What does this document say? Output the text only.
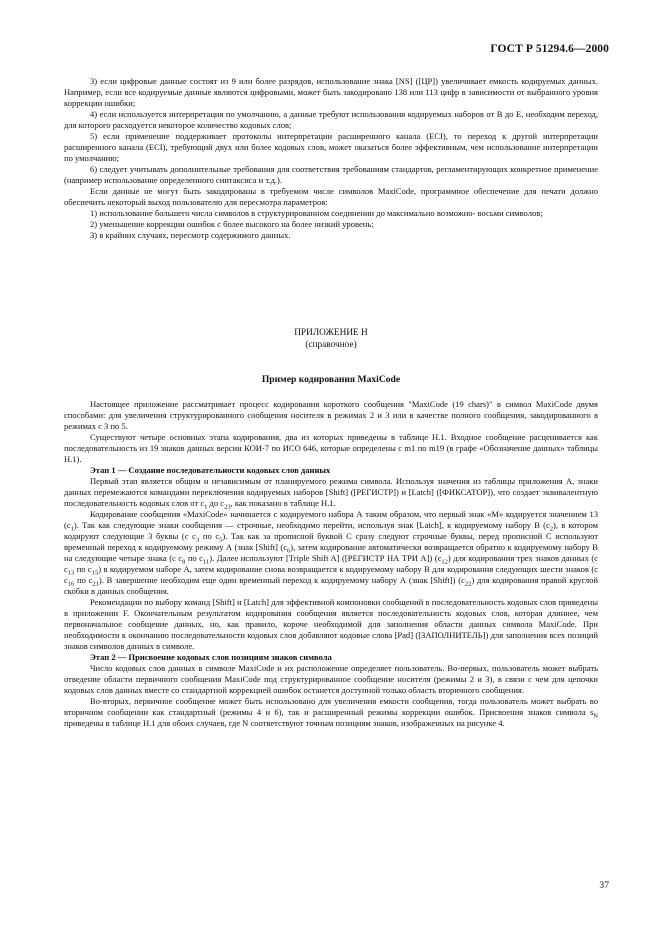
ГОСТ Р 51294.6—2000

3) если цифровые данные состоят из 9 или более разрядов, использование знака [NS] ([ЦР]) увеличивает емкость кодируемых данных. Например, если все кодируемые данные являются цифровыми, может быть закодировано 138 или 113 цифр в зависимости от выбранного уровня коррекции ошибки;

4) если используется интерпретация по умолчанию, а данные требуют использования кодируемых наборов от В до Е, необходим переход, для которого расходуется некоторое количество кодовых слов;

5) если применение поддерживает протоколы интерпретации расширенного канала (ECI), то переход к другой интерпретации расширенного канала (ECI), требующий двух или более кодовых слов, может оказаться более эффективным, чем использование интерпретации по умолчанию;

6) следует учитывать дополнительные требования для соответствия требованиям стандартов, регламентирующих конкретное применение (например использование определенного синтаксиса и т.д.).

Если данные не могут быть закодированы в требуемом числе символов MaxiCode, программное обеспечение для печати должно обеспечить некоторый выход пользователю для пересмотра параметров:

1) использование большего числа символов в структурированном соединении до максимально возможно- восьми символов;

2) уменьшение коррекции ошибок с более высокого на более низкий уровень;

3) в крайних случаях, пересмотр содержимого данных.

ПРИЛОЖЕНИЕ Н
(справочное)
Пример кодирования MaxiCode

Настоящее приложение рассматривает процесс кодирования короткого сообщения "MaxiCode (19 chars)" в символ MaxiCode двумя способами: для увеличения структурированного сообщения носителя в режимах 2 и 3 или в качестве полного сообщения, закодированного в режимах с 3 по 5.

Существуют четыре основных этапа кодирования, два из которых приведены в таблице Н.1. Входное сообщение расценивается как последовательность из 19 знаков данных версии КОИ-7 по ИСО 646, которые определены с m1 по m19 (в графе «Обозначение данных» таблицы Н.1).

Этап 1 — Создание последовательности кодовых слов данных

Первый этап является общим и независимым от планируемого режима символа. Используя значения из таблицы приложения А, знаки данных перемежаются командами переключения кодируемых наборов [Shift] ([РЕГИСТР]) и [Latch] ([ФИКСАТОР]), что создает эквивалентную последовательность кодовых слов от $c_1$ до $c_{23}$, как показано в таблице Н.1.

Кодирование сообщения «MaxiCode» начинается с кодируемого набора А таким образом, что первый знак «М» кодируется значением 13 $(c_1)$. Так как следующие знаки сообщения — строчные, необходимо перейти, используя знак [Latch], к кодируемому набору В $(c_2)$, в котором кодируют следующие 3 буквы (с $c_3$ по $c_5$). Так как за прописной буквой С сразу следуют строчные буквы, перед прописной С используют временный переход к кодируемому режиму А (знак [Shift] $(c_6)$, затем кодирование автоматически возвращается обратно к кодируемому набору В на следующие четыре знака (с $c_8$ по $c_{11}$). Далее используют [Triple Shift A] ([РЕГИСТР НА ТРИ А]) $(c_{12})$ для кодирования трех знаков данных (с $c_{13}$ по $c_{15}$) в кодируемом наборе А, затем кодирование снова возвращается к кодируемому набору В для кодирования следующих шести знаков (с $c_{16}$ по $c_{21}$). В завершение необходим еще один временный переход к кодируемому набору А (знак [Shift]) $(c_{22})$ для кодирования правой круглой скобки в данных сообщения.

Рекомендации по выбору команд [Shift] и [Latch] для эффективной компоновки сообщений в последовательность кодовых слов приведены в приложении F. Окончательным результатом кодирования сообщения является последовательность кодовых слов, которая длиннее, чем первоначальное сообщение данных, но, как правило, короче необходимой для заполнения области данных символа MaxiCode. При необходимости к окончанию последовательности кодовых слов добавляют кодовые слова [Pad] ([ЗАПОЛНИТЕЛЬ]) для заполнения всех позиций знаков символов данных в символе.

Этап 2 — Присвоение кодовых слов позициям знаков символа

Число кодовых слов данных в символе MaxiCode и их расположение определяет пользователь. Во-первых, пользователь может выбрать отведение области первичного сообщения MaxiCode под структурированное сообщение носителя (режимы 2 и 3), в связи с чем для цепочки кодовых слов данных вместе со стандартной коррекцией ошибок останется доступной только область вторичного сообщения.

Во-вторых, первичное сообщение может быть использовано для увеличения емкости сообщения, тогда пользователь может выбрать во вторичном сообщении как стандартный (режимы 4 и 6), так и расширенный режимы коррекции ошибок. Присвоения знаков символа $s_N$ приведены в таблице Н.1 для обоих случаев, где N соответствуют точным позициям знаков, изображенных на рисунке 4.

37
